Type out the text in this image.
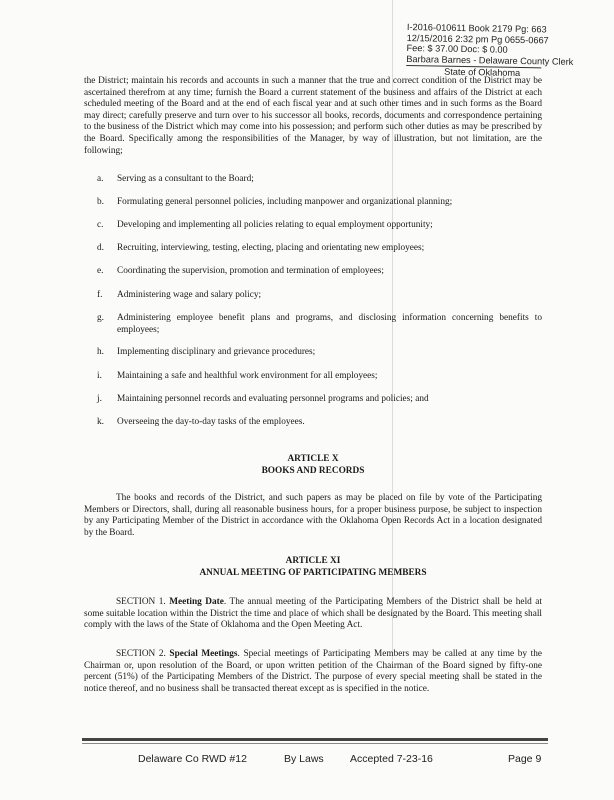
I-2016-010611 Book 2179 Pg: 663
12/15/2016 2:32 pm Pg 0655-0667
Fee: $ 37.00 Doc: $ 0.00
Barbara Barnes - Delaware County Clerk
State of Oklahoma
the District; maintain his records and accounts in such a manner that the true and correct condition of the District may be ascertained therefrom at any time; furnish the Board a current statement of the business and affairs of the District at each scheduled meeting of the Board and at the end of each fiscal year and at such other times and in such forms as the Board may direct; carefully preserve and turn over to his successor all books, records, documents and correspondence pertaining to the business of the District which may come into his possession; and perform such other duties as may be prescribed by the Board. Specifically among the responsibilities of the Manager, by way of illustration, but not limitation, are the following;
a.	Serving as a consultant to the Board;
b.	Formulating general personnel policies, including manpower and organizational planning;
c.	Developing and implementing all policies relating to equal employment opportunity;
d.	Recruiting, interviewing, testing, electing, placing and orientating new employees;
e.	Coordinating the supervision, promotion and termination of employees;
f.	Administering wage and salary policy;
g.	Administering employee benefit plans and programs, and disclosing information concerning benefits to employees;
h.	Implementing disciplinary and grievance procedures;
i.	Maintaining a safe and healthful work environment for all employees;
j.	Maintaining personnel records and evaluating personnel programs and policies; and
k.	Overseeing the day-to-day tasks of the employees.
ARTICLE X
BOOKS AND RECORDS
The books and records of the District, and such papers as may be placed on file by vote of the Participating Members or Directors, shall, during all reasonable business hours, for a proper business purpose, be subject to inspection by any Participating Member of the District in accordance with the Oklahoma Open Records Act in a location designated by the Board.
ARTICLE XI
ANNUAL MEETING OF PARTICIPATING MEMBERS
SECTION 1. Meeting Date. The annual meeting of the Participating Members of the District shall be held at some suitable location within the District the time and place of which shall be designated by the Board. This meeting shall comply with the laws of the State of Oklahoma and the Open Meeting Act.
SECTION 2. Special Meetings. Special meetings of Participating Members may be called at any time by the Chairman or, upon resolution of the Board, or upon written petition of the Chairman of the Board signed by fifty-one percent (51%) of the Participating Members of the District. The purpose of every special meeting shall be stated in the notice thereof, and no business shall be transacted thereat except as is specified in the notice.
Delaware Co RWD #12	By Laws	Accepted 7-23-16	Page 9
